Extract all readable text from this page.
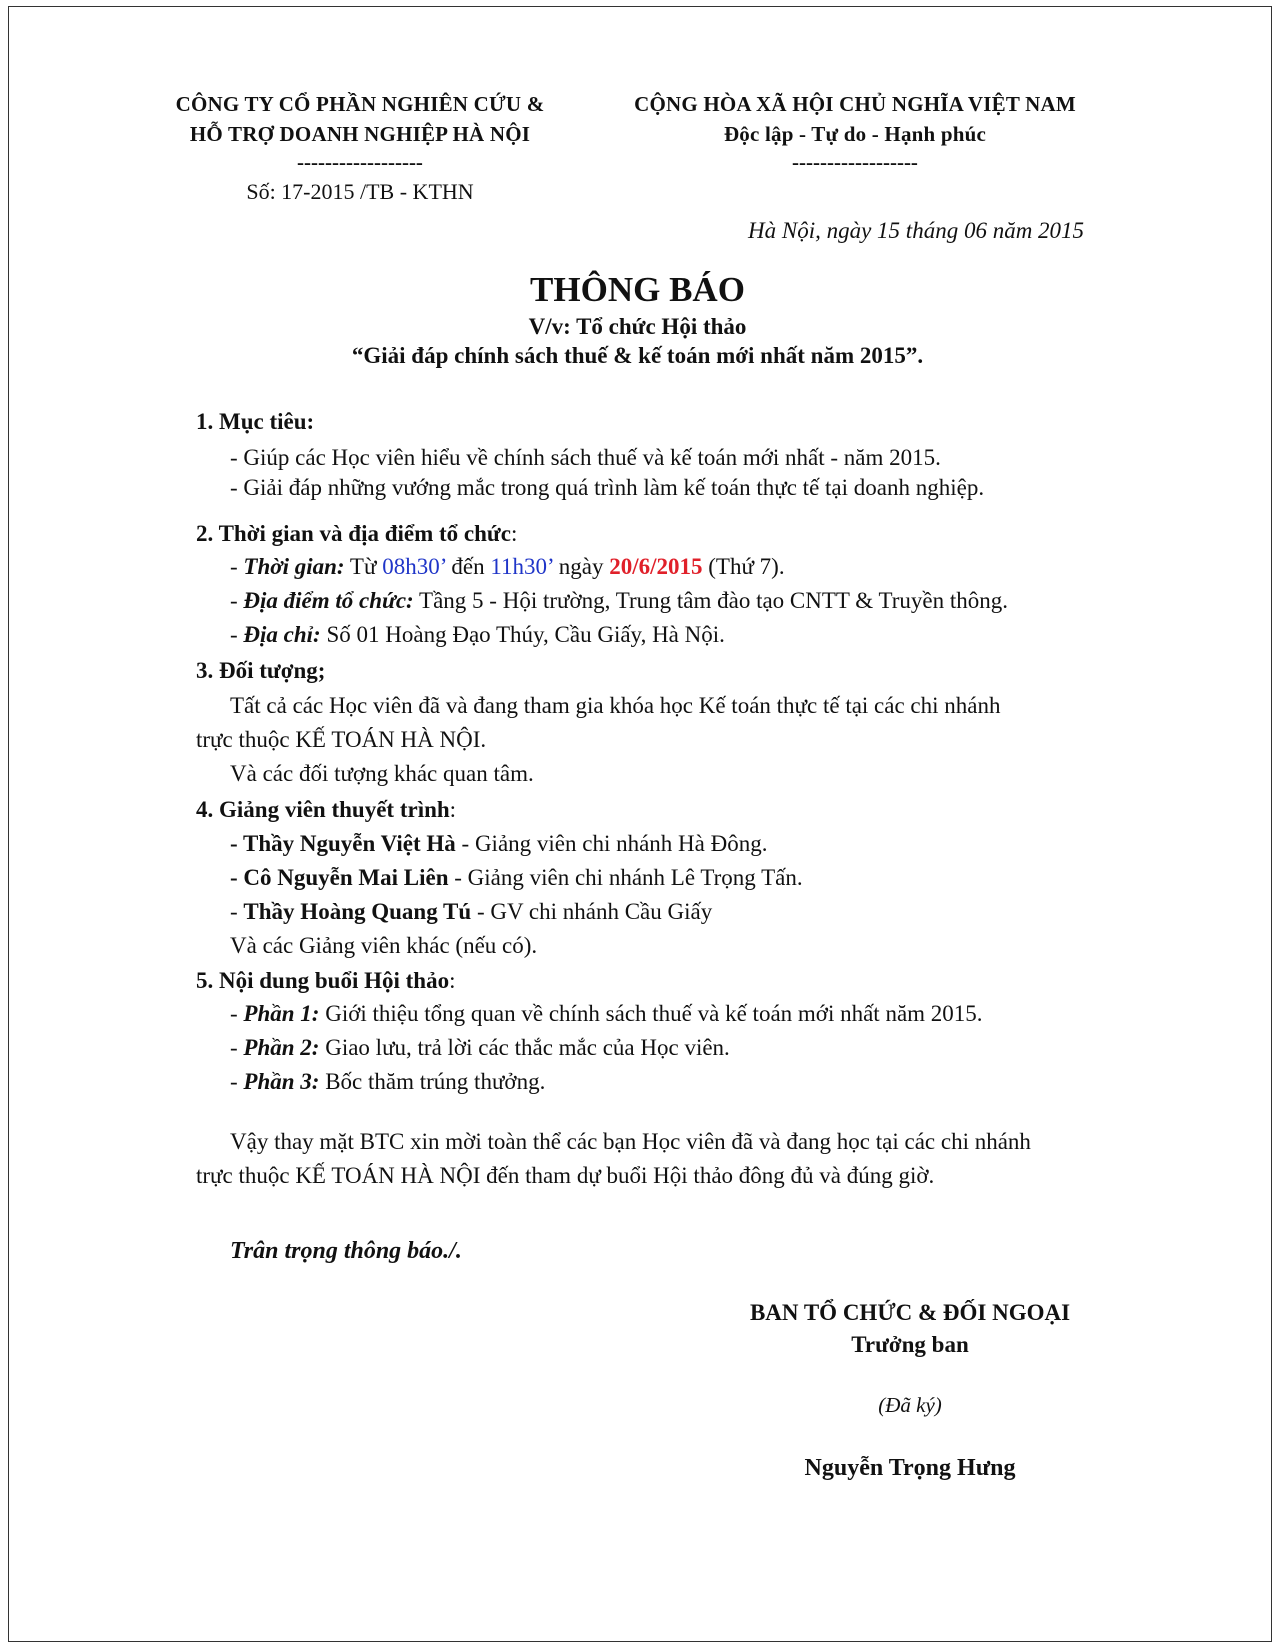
CÔNG TY CỔ PHẦN NGHIÊN CỨU &
HỖ TRỢ DOANH NGHIỆP HÀ NỘI
------------------
Số: 17-2015 /TB - KTHN
CỘNG HÒA XÃ HỘI CHỦ NGHĨA VIỆT NAM
Độc lập - Tự do - Hạnh phúc
------------------
Hà Nội, ngày 15 tháng 06 năm 2015
THÔNG BÁO
V/v: Tổ chức Hội thảo
“Giải đáp chính sách thuế & kế toán mới nhất năm 2015”.
1. Mục tiêu:
- Giúp các Học viên hiểu về chính sách thuế và kế toán mới nhất - năm 2015.
- Giải đáp những vướng mắc trong quá trình làm kế toán thực tế tại doanh nghiệp.
2. Thời gian và địa điểm tổ chức:
- Thời gian: Từ 08h30’ đến 11h30’ ngày 20/6/2015 (Thứ 7).
- Địa điểm tổ chức: Tầng 5 - Hội trường, Trung tâm đào tạo CNTT & Truyền thông.
- Địa chỉ: Số 01 Hoàng Đạo Thúy, Cầu Giấy, Hà Nội.
3. Đối tượng;
Tất cả các Học viên đã và đang tham gia khóa học Kế toán thực tế tại các chi nhánh
trực thuộc KẾ TOÁN HÀ NỘI.
Và các đối tượng khác quan tâm.
4. Giảng viên thuyết trình:
- Thầy Nguyễn Việt Hà - Giảng viên chi nhánh Hà Đông.
- Cô Nguyễn Mai Liên - Giảng viên chi nhánh Lê Trọng Tấn.
- Thầy Hoàng Quang Tú - GV chi nhánh Cầu Giấy
Và các Giảng viên khác (nếu có).
5. Nội dung buổi Hội thảo:
- Phần 1: Giới thiệu tổng quan về chính sách thuế và kế toán mới nhất năm 2015.
- Phần 2: Giao lưu, trả lời các thắc mắc của Học viên.
- Phần 3: Bốc thăm trúng thưởng.
Vậy thay mặt BTC xin mời toàn thể các bạn Học viên đã và đang học tại các chi nhánh
trực thuộc KẾ TOÁN HÀ NỘI đến tham dự buổi Hội thảo đông đủ và đúng giờ.
Trân trọng thông báo./.
BAN TỔ CHỨC & ĐỐI NGOẠI
Trưởng ban
(Đã ký)
Nguyễn Trọng Hưng
